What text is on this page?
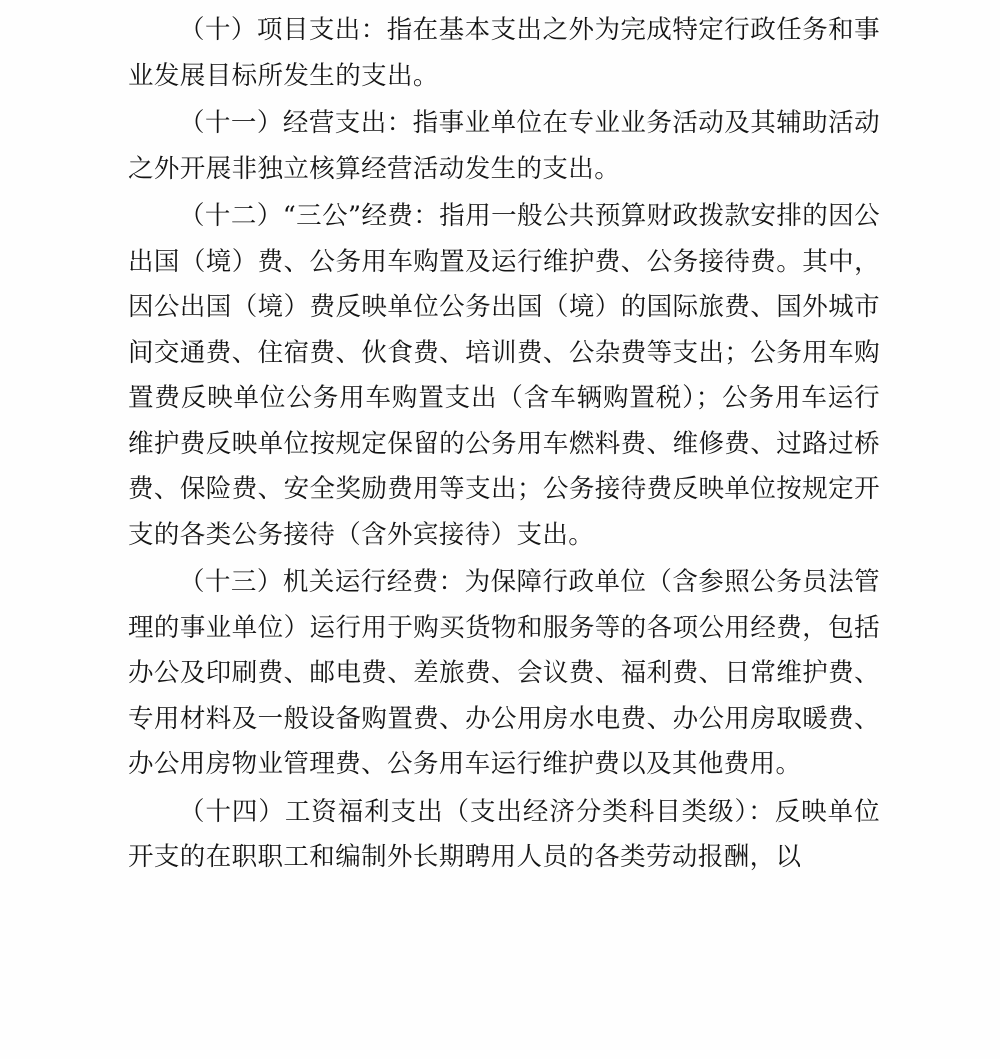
（十）项目支出：指在基本支出之外为完成特定行政任务和事业发展目标所发生的支出。

（十一）经营支出：指事业单位在专业业务活动及其辅助活动之外开展非独立核算经营活动发生的支出。

（十二）“三公”经费：指用一般公共预算财政拨款安排的因公出国（境）费、公务用车购置及运行维护费、公务接待费。其中，因公出国（境）费反映单位公务出国（境）的国际旅费、国外城市间交通费、住宿费、伙食费、培训费、公杂费等支出；公务用车购置费反映单位公务用车购置支出（含车辆购置税）；公务用车运行维护费反映单位按规定保留的公务用车燃料费、维修费、过路过桥费、保险费、安全奖励费用等支出；公务接待费反映单位按规定开支的各类公务接待（含外宾接待）支出。

（十三）机关运行经费：为保障行政单位（含参照公务员法管理的事业单位）运行用于购买货物和服务等的各项公用经费，包括办公及印刷费、邮电费、差旅费、会议费、福利费、日常维护费、专用材料及一般设备购置费、办公用房水电费、办公用房取暖费、办公用房物业管理费、公务用车运行维护费以及其他费用。

（十四）工资福利支出（支出经济分类科目类级）：反映单位开支的在职职工和编制外长期聘用人员的各类劳动报酬，以
